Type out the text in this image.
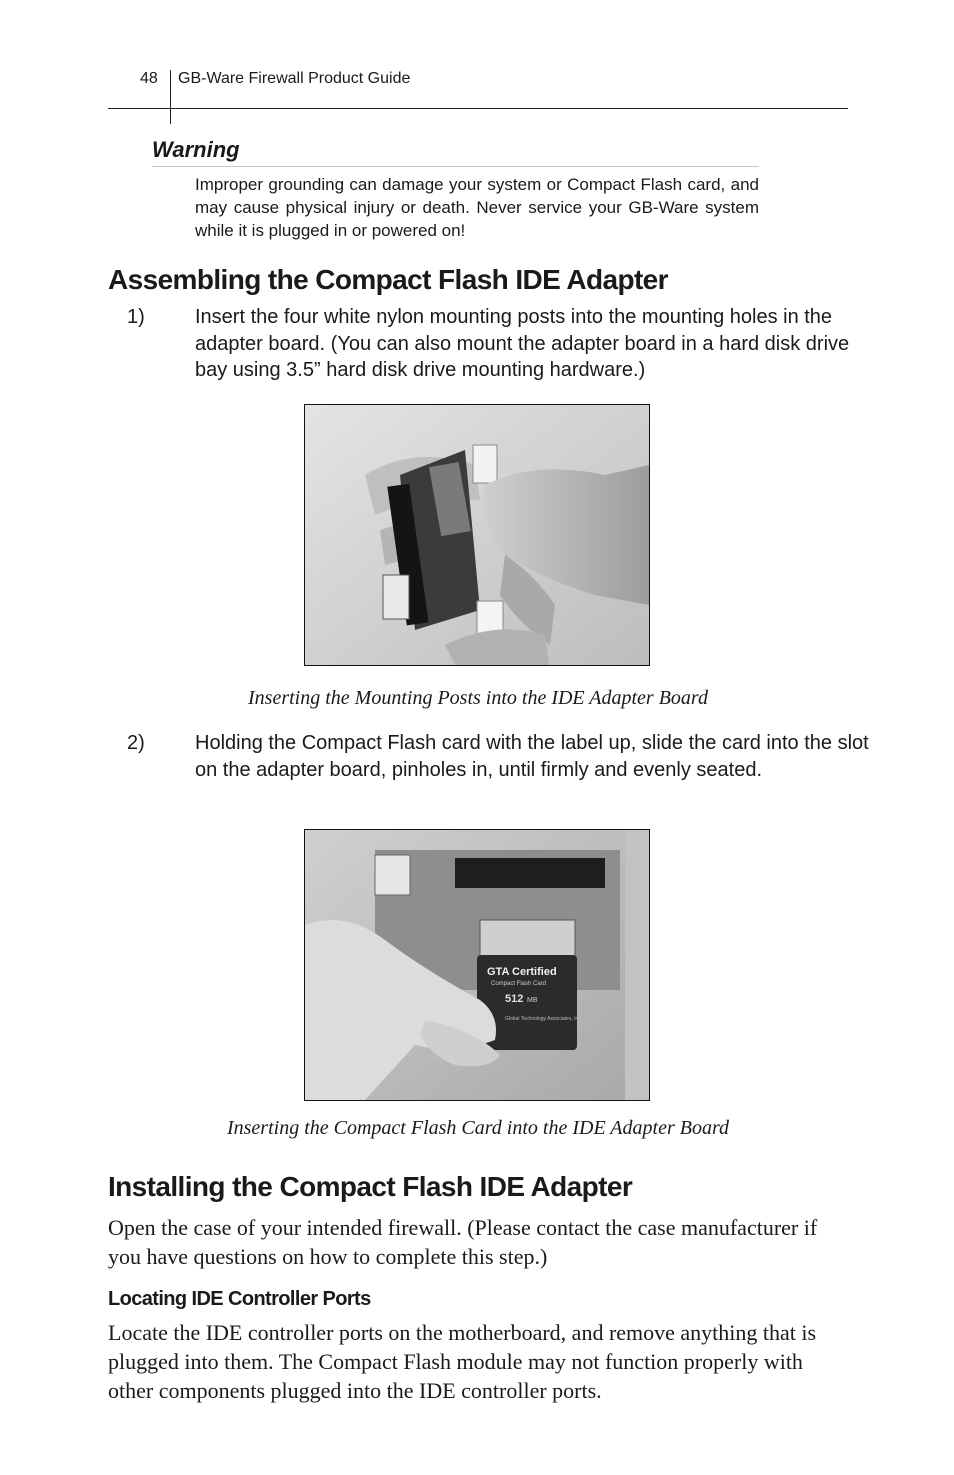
48 GB-Ware Firewall Product Guide
Warning
Improper grounding can damage your system or Compact Flash card, and may cause physical injury or death. Never service your GB-Ware system while it is plugged in or powered on!
Assembling the Compact Flash IDE Adapter
1)	Insert the four white nylon mounting posts into the mounting holes in the adapter board. (You can also mount the adapter board in a hard disk drive bay using 3.5” hard disk drive mounting hardware.)
Inserting the Mounting Posts into the IDE Adapter Board
2)	Holding the Compact Flash card with the label up, slide the card into the slot on the adapter board, pinholes in, until firmly and evenly seated.
GTA Certified
Compact Flash Card
512 MB
Global Technology Associates, Inc.
Inserting the Compact Flash Card into the IDE Adapter Board
Installing the Compact Flash IDE Adapter
Open the case of your intended firewall. (Please contact the case manufacturer if you have questions on how to complete this step.)
Locating IDE Controller Ports
Locate the IDE controller ports on the motherboard, and remove anything that is plugged into them. The Compact Flash module may not function properly with other components plugged into the IDE controller ports.
